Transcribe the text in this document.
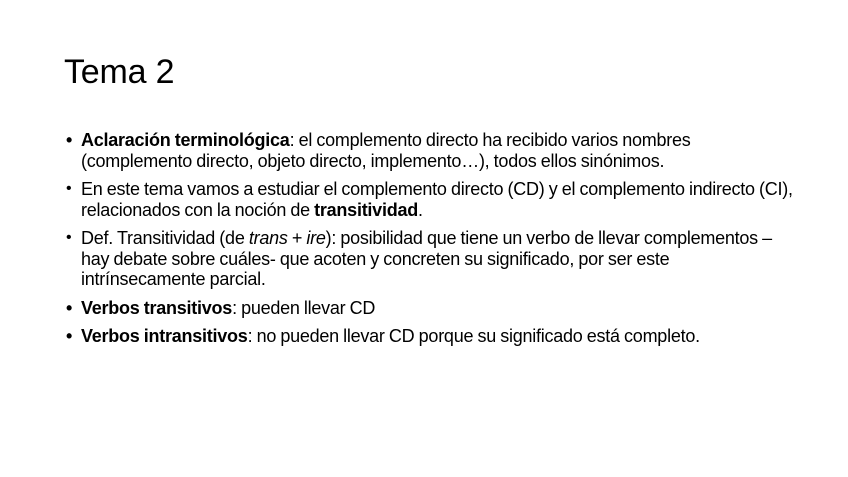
Tema 2
• Aclaración terminológica: el complemento directo ha recibido varios nombres (complemento directo, objeto directo, implemento…), todos ellos sinónimos.
• En este tema vamos a estudiar el complemento directo (CD) y el complemento indirecto (CI), relacionados con la noción de transitividad.
• Def. Transitividad (de trans + ire): posibilidad que tiene un verbo de llevar complementos –hay debate sobre cuáles- que acoten y concreten su significado, por ser este intrínsecamente parcial.
• Verbos transitivos: pueden llevar CD
• Verbos intransitivos: no pueden llevar CD porque su significado está completo.
